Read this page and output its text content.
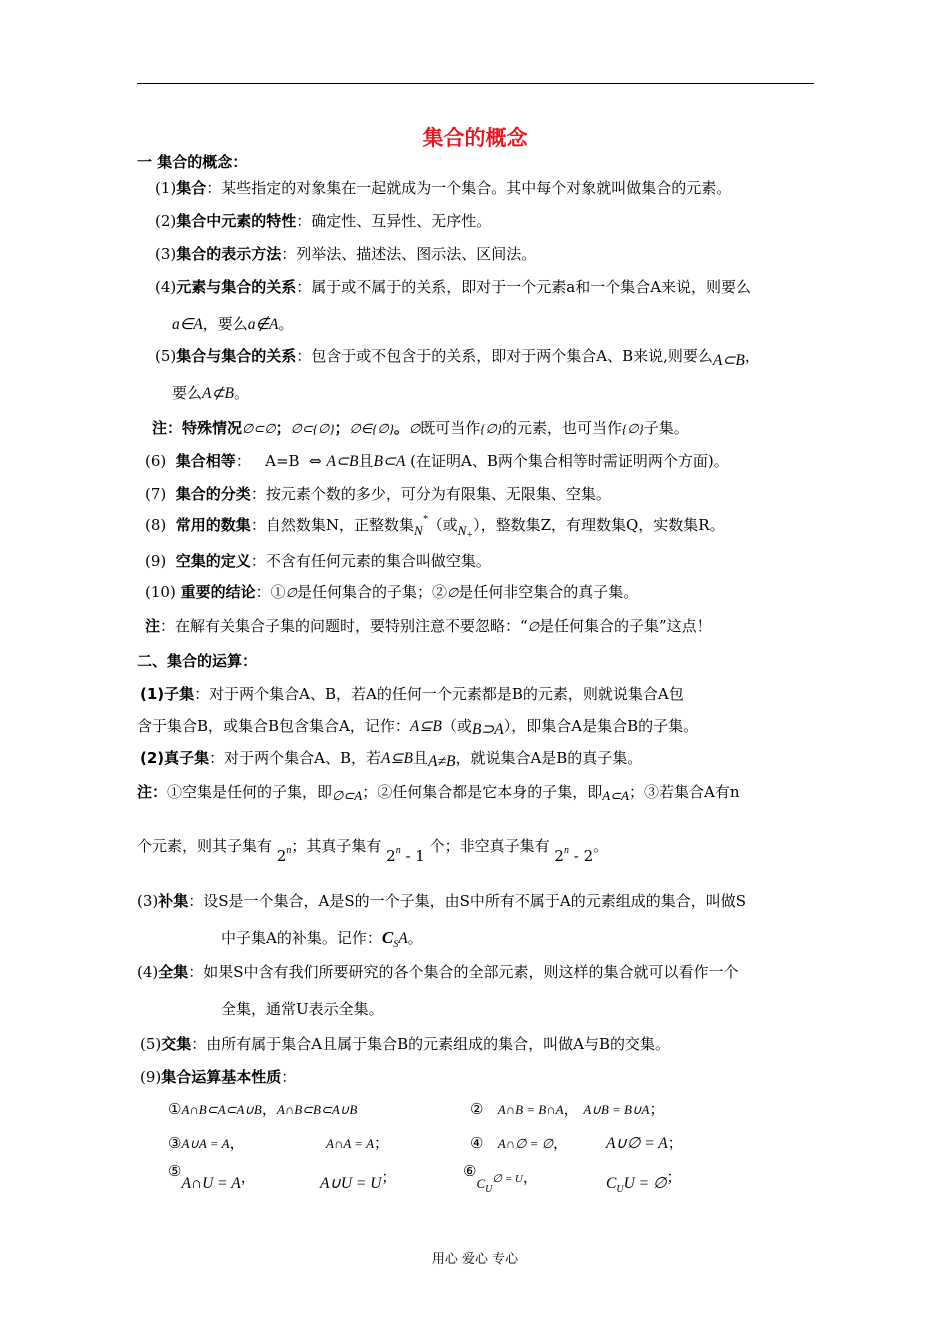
集合的概念
一 集合的概念：
(1)集合：某些指定的对象集在一起就成为一个集合。其中每个对象就叫做集合的元素。
(2)集合中元素的特性：确定性、互异性、无序性。
(3)集合的表示方法：列举法、描述法、图示法、区间法。
(4)元素与集合的关系：属于或不属于的关系，即对于一个元素a和一个集合A来说，则要么
a∈A，要么a∉A。
(5)集合与集合的关系：包含于或不包含于的关系，即对于两个集合A、B来说,则要么A⊂B，
要么A⊄B。
注：特殊情况∅⊂∅；∅⊂{∅}；∅∈{∅}。∅既可当作{∅}的元素，也可当作{∅}子集。
(6) 集合相等： A=B ⇔ A⊂B且B⊂A (在证明A、B两个集合相等时需证明两个方面)。
(7) 集合的分类：按元素个数的多少，可分为有限集、无限集、空集。
(8) 常用的数集：自然数集N，正整数集N*（或$N_+$），整数集Z，有理数集Q，实数集R。
(9) 空集的定义：不含有任何元素的集合叫做空集。
(10) 重要的结论：①∅是任何集合的子集；②∅是任何非空集合的真子集。
注：在解有关集合子集的问题时，要特别注意不要忽略：“∅是任何集合的子集”这点！
二、集合的运算：
(1)子集：对于两个集合A、B，若A的任何一个元素都是B的元素，则就说集合A包
含于集合B，或集合B包含集合A，记作：A⊆B（或B⊃A），即集合A是集合B的子集。
(2)真子集：对于两个集合A、B，若A⊆B且A≠B，就说集合A是B的真子集。
注：①空集是任何的子集，即∅⊂A；②任何集合都是它本身的子集，即A⊂A；③若集合A有n
个元素，则其子集有 2$^n$；其真子集有 2$^n$ - 1 个；非空真子集有 2$^n$ - 2。
(3)补集：设S是一个集合，A是S的一个子集，由S中所有不属于A的元素组成的集合，叫做S
中子集A的补集。记作：$C_SA$。
(4)全集：如果S中含有我们所要研究的各个集合的全部元素，则这样的集合就可以看作一个
全集，通常U表示全集。
(5)交集：由所有属于集合A且属于集合B的元素组成的集合，叫做A与B的交集。
(9)集合运算基本性质：
①A∩B⊂A⊂A∪B，A∩B⊂B⊂A∪B	② A∩B = B∩A， A∪B = B∪A；
③A∪A = A，	A∩A = A；	④ A∩∅ = ∅， A∪∅ = A；
⑤A∩U = A，	A∪U = U；	$⑥C_U\emptyset = U$，	$C_UU$ = ∅；
用心 爱心 专心
